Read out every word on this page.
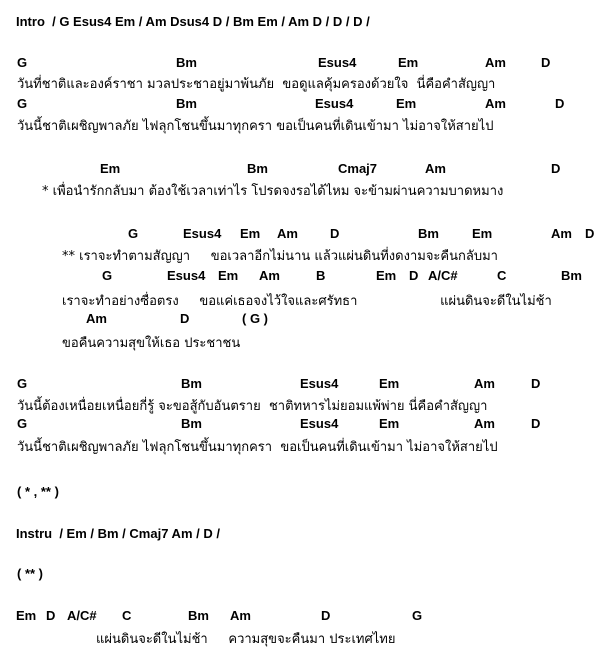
Intro  / G Esus4 Em / Am Dsus4 D / Bm Em / Am D / D / D /
G	Bm	Esus4	Em	Am	D
วันที่ชาติและองค์ราชา มวลประชาอยู่มาพ้นภัย  ขอดูแลคุ้มครองด้วยใจ  นี่คือคำสัญญา
G	Bm	Esus4	Em	Am	D
วันนี้ชาติเผชิญพาลภัย ไฟลุกโชนขึ้นมาทุกครา ขอเป็นคนที่เดินเข้ามา ไม่อาจให้สายไป
Em	Bm	Cmaj7	Am	D
* เพื่อนำรักกลับมา ต้องใช้เวลาเท่าไร โปรดจงรอได้ไหม จะข้ามผ่านความบาดหมาง
G	Esus4 Em Am D	Bm	Em	Am D
** เราจะทำตามสัญญา     ขอเวลาอีกไม่นาน แล้วแผ่นดินที่งดงามจะคืนกลับมา
G	Esus4 Em Am	B	Em D A/C#	C	Bm
เราจะทำอย่างซื่อตรง     ขอแค่เธอจงไว้ใจและศรัทธา                    แผ่นดินจะดีในไม่ช้า
Am	D	( G )
ขอคืนความสุขให้เธอ ประชาชน
G	Bm	Esus4	Em	Am	D
วันนี้ต้องเหนื่อยเหนื่อยกี่รู้ จะขอสู้กับอันตราย  ชาติทหารไม่ยอมแพ้พ่าย นี่คือคำสัญญา
G	Bm	Esus4	Em	Am	D
วันนี้ชาติเผชิญพาลภัย ไฟลุกโชนขึ้นมาทุกครา  ขอเป็นคนที่เดินเข้ามา ไม่อาจให้สายไป
( * , ** )
Instru  / Em / Bm / Cmaj7 Am / D /
( ** )
Em D A/C# C	Bm Am	D	G
แผ่นดินจะดีในไม่ช้า     ความสุขจะคืนมา ประเทศไทย
